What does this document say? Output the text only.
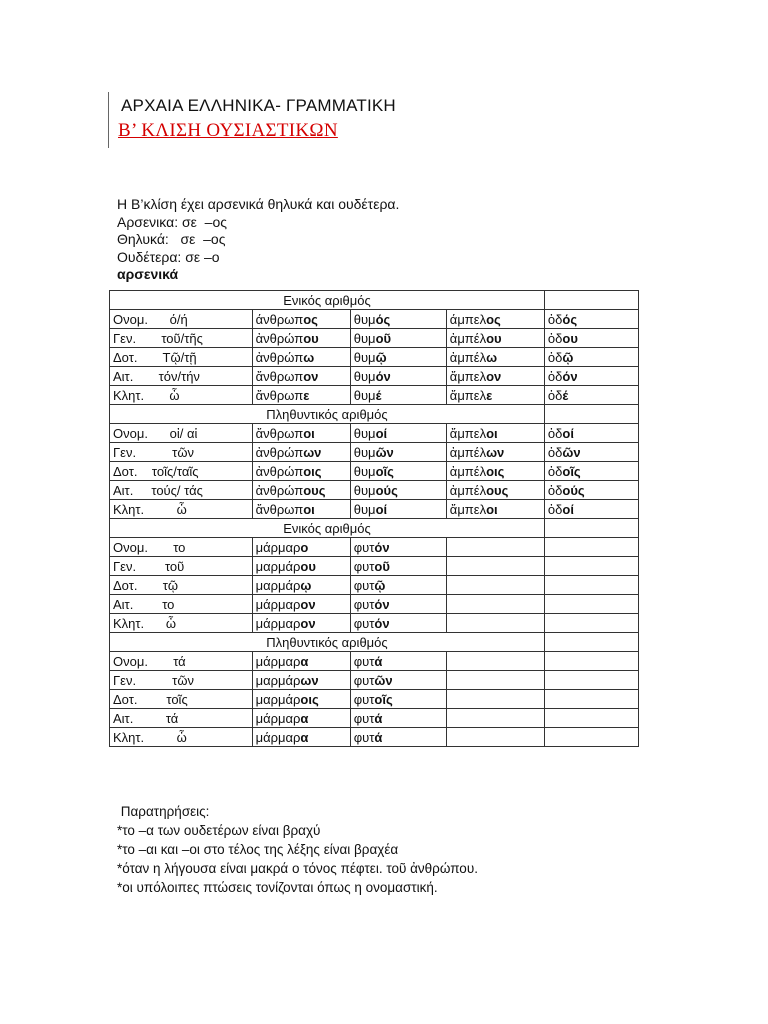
ΑΡΧΑΙΑ ΕΛΛΗΝΙΚΑ- ΓΡΑΜΜΑΤΙΚΗ
Β’ ΚΛΙΣΗ ΟΥΣΙΑΣΤΙΚΩΝ
Η Β’κλίση έχει αρσενικά θηλυκά και ουδέτερα.
Αρσενικα: σε  –ος
Θηλυκά:   σε  –ος
Ουδέτερα: σε –ο
αρσενικά
Ενικός αριθμός				
Ονομ.      ό/ή	άνθρωπος	θυμός	άμπελος	ὁδός
Γεν.       τοῦ/τῆς	ἀνθρώπου	θυμοῦ	ἀμπέλου	ὁδου
Δοτ.       Τῷ/τῇ	ἀνθρώπω	θυμῷ	ἀμπέλω	ὁδῷ
Αιτ.       τόν/τήν	ἄνθρωπον	θυμόν	ἄμπελον	ὁδόν
Κλητ.       ὦ	ἄνθρωπε	θυμέ	ἄμπελε	ὁδέ
Πληθυντικός αριθμός				
Ονομ.      οἱ/ αἱ	ἄνθρωποι	θυμοί	ἄμπελοι	ὁδοί
Γεν.          τῶν	ἀνθρώπων	θυμῶν	ἀμπέλων	ὁδῶν
Δοτ.    τοῖς/ταῖς	ἀνθρώποις	θυμοῖς	ἀμπέλοις	ὁδοῖς
Αιτ.     τούς/ τάς	ἀνθρώπους	θυμούς	ἀμπέλους	ὁδούς
Κλητ.         ὦ	ἄνθρωποι	θυμοί	ἄμπελοι	ὁδοί
Ενικός αριθμός				
Ονομ.       το	μάρμαρο	φυτόν		
Γεν.        τοῦ	μαρμάρου	φυτοῦ		
Δοτ.       τῷ	μαρμάρῳ	φυτῷ		
Αιτ.        το	μάρμαρον	φυτόν		
Κλητ.      ὦ	μάρμαρον	φυτόν		
Πληθυντικός αριθμός				
Ονομ.       τά	μάρμαρα	φυτά		
Γεν.          τῶν	μαρμάρων	φυτῶν		
Δοτ.        τοῖς	μαρμάροις	φυτοῖς		
Αιτ.         τά	μάρμαρα	φυτά		
Κλητ.         ὦ	μάρμαρα	φυτά		
Παρατηρήσεις:
*το –α των ουδετέρων είναι βραχύ
*το –αι και –οι στο τέλος της λέξης είναι βραχέα
*όταν η λήγουσα είναι μακρά ο τόνος πέφτει. τοῦ ἀνθρώπου.
*οι υπόλοιπες πτώσεις τονίζονται όπως η ονομαστική.
